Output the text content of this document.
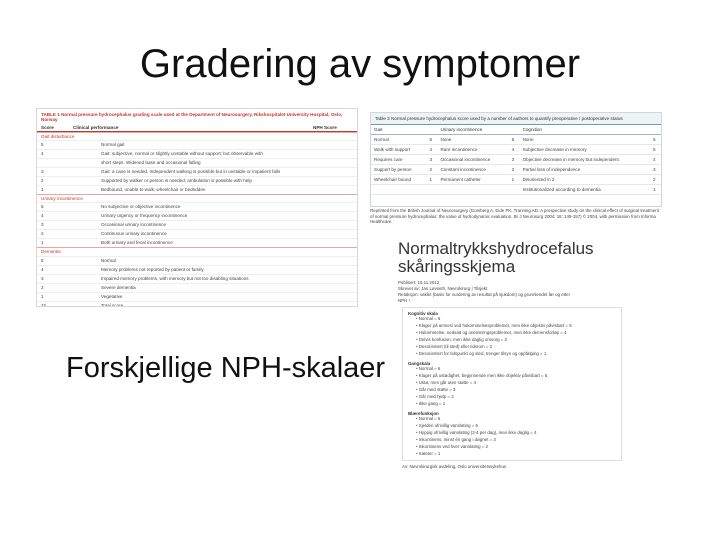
Gradering av symptomer
TABLE 1 Normal pressure hydrocephalus grading scale used at the Department of Neurosurgery, Rikshospitalet University Hospital, Oslo, Norway
Score	Clinical performance	NPH Score
Gait disturbance
5	Normal gait
4	Gait: subjective, normal or slightly unstable without support; but observable with
short steps. Widened base and occasional falling
3	Gait: a cane is needed. Independent walking is possible but in unstable or impatient falls
2	Supported by walker or person is needed; ambulation is possible with help
1	Bedbound, unable to walk; wheelchair or bedridden
Urinary incontinence
5	No subjective or objective incontinence
4	Urinary urgency or frequency incontinence
3	Occasional urinary incontinence
2	Continuous urinary incontinence
1	Both urinary and fecal incontinence
Dementia
5	Normal
4	Memory problems not reported by patient or family
3	Impaired memory problems, with memory but not too disabling situations
2	Severe dementia
1	Vegetative
15	Total score
Table 2 Normal pressure hydrocephalus score used by a number of authors to quantify preoperative / postoperative status
Gait		Urinary incontinence		Cognition	
Normal	6	None	5	None	6
Walk with support	4	Rare incontinence	4	Subjective decrease in memory	5
Requires care	3	Occasional incontinence	3	Objective decrease in memory but independent	4
Support by person	2	Constant incontinence	2	Partial loss of independence	3
Wheelchair bound	1	Permanent catheter	1	Disoriented in 2	2
				Institutionalized according to dementia	1
Reprinted from the British Journal of Neurosurgery (Gomberg A, Eide PK, Tranning AD. A prospective study on the clinical effect of surgical treatment of normal pressure hydrocephalus: the value of hydrodynamic evaluation. Br J Neurosurg 2004; 18: 149-157) © 2004, with permission from Informa Healthcare.
Normaltrykkshydrocefalus
skåringsskjema
Publisert: 16.11.2012
Skrevet av: Jan Løvseth, Nevrokirurg | Tilsjekt
Retaksjon: vaklet (basis for vurdering av resultat på sjukdom) og grunnlendet før og etter
NPH ¹.
Kognitiv skala
• Normal = 6
• Klager på amnesi ved hukommelsesproblemer, men ikke objektiv påvisbart = 5
• Hukommelse, nedsatt og orienteringsproblemer, men ikke demensforløp = 4
• Delvis konfusion, men ikke daglig omsorg = 3
• Desorientert (til sted) eller tidsrom = 2
• Desorientert for tidspunkt og sted, trenger tilsyn og oppfølging = 1
Gangskala
• Normal = 6
• Klager på ustødighet, begynnende men ikke objektiv påvisbart = 5
• Ustø, men går uten støtte = 4
• Går med støtte = 3
• Går med hjelp = 2
• Ikke gang = 1
Blærefunksjon
• Normal = 6
• Sjelden ufrivillig vannlating = 5
• Hyppig ufrivillig vannlating (2-4 per dag), men ikke daglig = 4
• Inkontinens, minst én gang i døgnet = 3
• Inkontinens ved hver vannlating = 2
• Kateter = 1
Av: Nevrokirurgisk avdeling, Oslo universitetssykehus
Forskjellige NPH-skalaer
